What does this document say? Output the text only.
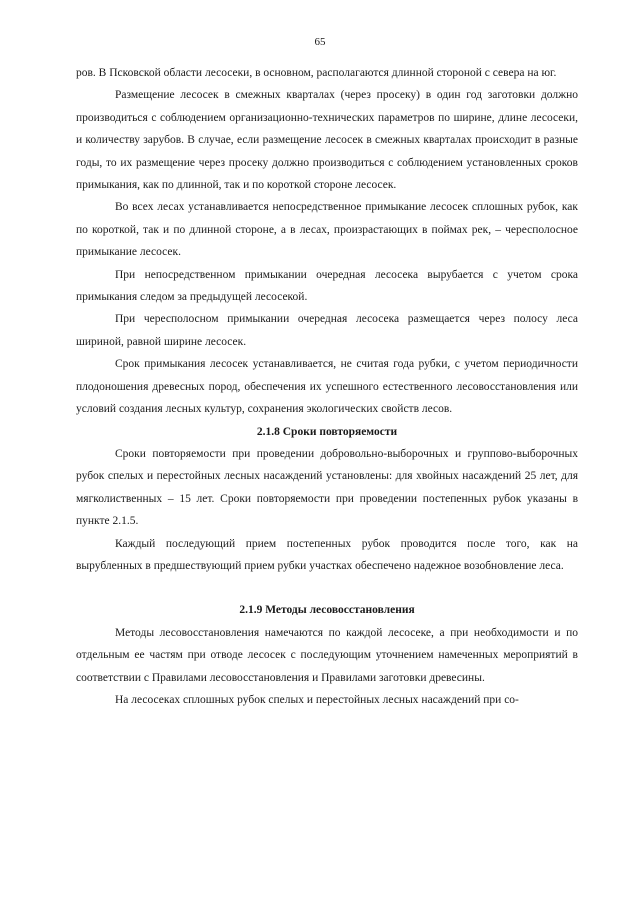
65

ров. В Псковской области лесосеки, в основном, располагаются длинной стороной с севера на юг.

Размещение лесосек в смежных кварталах (через просеку) в один год заготовки должно производиться с соблюдением организационно-технических параметров по ширине, длине лесосеки, и количеству зарубов. В случае, если размещение лесосек в смежных кварталах происходит в разные годы, то их размещение через просеку должно производиться с соблюдением установленных сроков примыкания, как по длинной, так и по короткой стороне лесосек.

Во всех лесах устанавливается непосредственное примыкание лесосек сплошных рубок, как по короткой, так и по длинной стороне, а в лесах, произрастающих в поймах рек, – чересполосное примыкание лесосек.

При непосредственном примыкании очередная лесосека вырубается с учетом срока примыкания следом за предыдущей лесосекой.

При чересполосном примыкании очередная лесосека размещается через полосу леса шириной, равной ширине лесосек.

Срок примыкания лесосек устанавливается, не считая года рубки, с учетом периодичности плодоношения древесных пород, обеспечения их успешного естественного лесовосстановления или условий создания лесных культур, сохранения экологических свойств лесов.

2.1.8 Сроки повторяемости

Сроки повторяемости при проведении добровольно-выборочных и группово-выборочных рубок спелых и перестойных лесных насаждений установлены: для хвойных насаждений 25 лет, для мягколиственных – 15 лет. Сроки повторяемости при проведении постепенных рубок указаны в пункте 2.1.5.

Каждый последующий прием постепенных рубок проводится после того, как на вырубленных в предшествующий прием рубки участках обеспечено надежное возобновление леса.

2.1.9 Методы лесовосстановления

Методы лесовосстановления намечаются по каждой лесосеке, а при необходимости и по отдельным ее частям при отводе лесосек с последующим уточнением намеченных мероприятий в соответствии с Правилами лесовосстановления и Правилами заготовки древесины.

На лесосеках сплошных рубок спелых и перестойных лесных насаждений при со-
